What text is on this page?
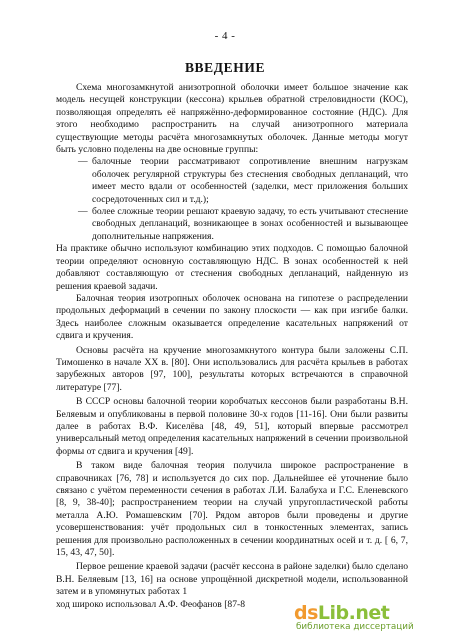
- 4 -
ВВЕДЕНИЕ

Схема многозамкнутой анизотропной оболочки имеет большое значение как модель несущей конструкции (кессона) крыльев обратной стреловидности (КОС), позволяющая определять её напряжённо-деформированное состояние (НДС). Для этого необходимо распространить на случай анизотропного материала существующие методы расчёта многозамкнутых оболочек. Данные методы могут быть условно поделены на две основные группы:

— балочные теории рассматривают сопротивление внешним нагрузкам оболочек регулярной структуры без стеснения свободных депланаций, что имеет место вдали от особенностей (заделки, мест приложения больших сосредоточенных сил и т.д.);

— более сложные теории решают краевую задачу, то есть учитывают стеснение свободных депланаций, возникающее в зонах особенностей и вызывающее дополнительные напряжения.

На практике обычно используют комбинацию этих подходов. С помощью балочной теории определяют основную составляющую НДС. В зонах особенностей к ней добавляют составляющую от стеснения свободных депланаций, найденную из решения краевой задачи.

Балочная теория изотропных оболочек основана на гипотезе о распределении продольных деформаций в сечении по закону плоскости — как при изгибе балки. Здесь наиболее сложным оказывается определение касательных напряжений от сдвига и кручения.

Основы расчёта на кручение многозамкнутого контура были заложены С.П. Тимошенко в начале XX в. [80]. Они использовались для расчёта крыльев в работах зарубежных авторов [97, 100], результаты которых встречаются в справочной литературе [77].

В СССР основы балочной теории коробчатых кессонов были разработаны В.Н. Беляевым и опубликованы в первой половине 30-х годов [11-16]. Они были развиты далее в работах В.Ф. Киселёва [48, 49, 51], который впервые рассмотрел универсальный метод определения касательных напряжений в сечении произвольной формы от сдвига и кручения [49].

В таком виде балочная теория получила широкое распространение в справочниках [76, 78] и используется до сих пор. Дальнейшее её уточнение было связано с учётом переменности сечения в работах Л.И. Балабуха и Г.С. Еленевского [8, 9, 38-40]; распространением теории на случай упругопластической работы металла А.Ю. Ромашевским [70]. Рядом авторов были проведены и другие усовершенствования: учёт продольных сил в тонкостенных элементах, запись решения для произвольно расположенных в сечении координатных осей и т. д. [ 6, 7, 15, 43, 47, 50].

Первое решение краевой задачи (расчёт кессона в районе заделки) было сделано В.Н. Беляевым [13, 16] на основе упрощённой дискретной модели, использованной затем и в упомянутых работах 1

ход широко использовал А.Ф. Феофанов [87-8	dsLib.net
библиотека диссертаций
